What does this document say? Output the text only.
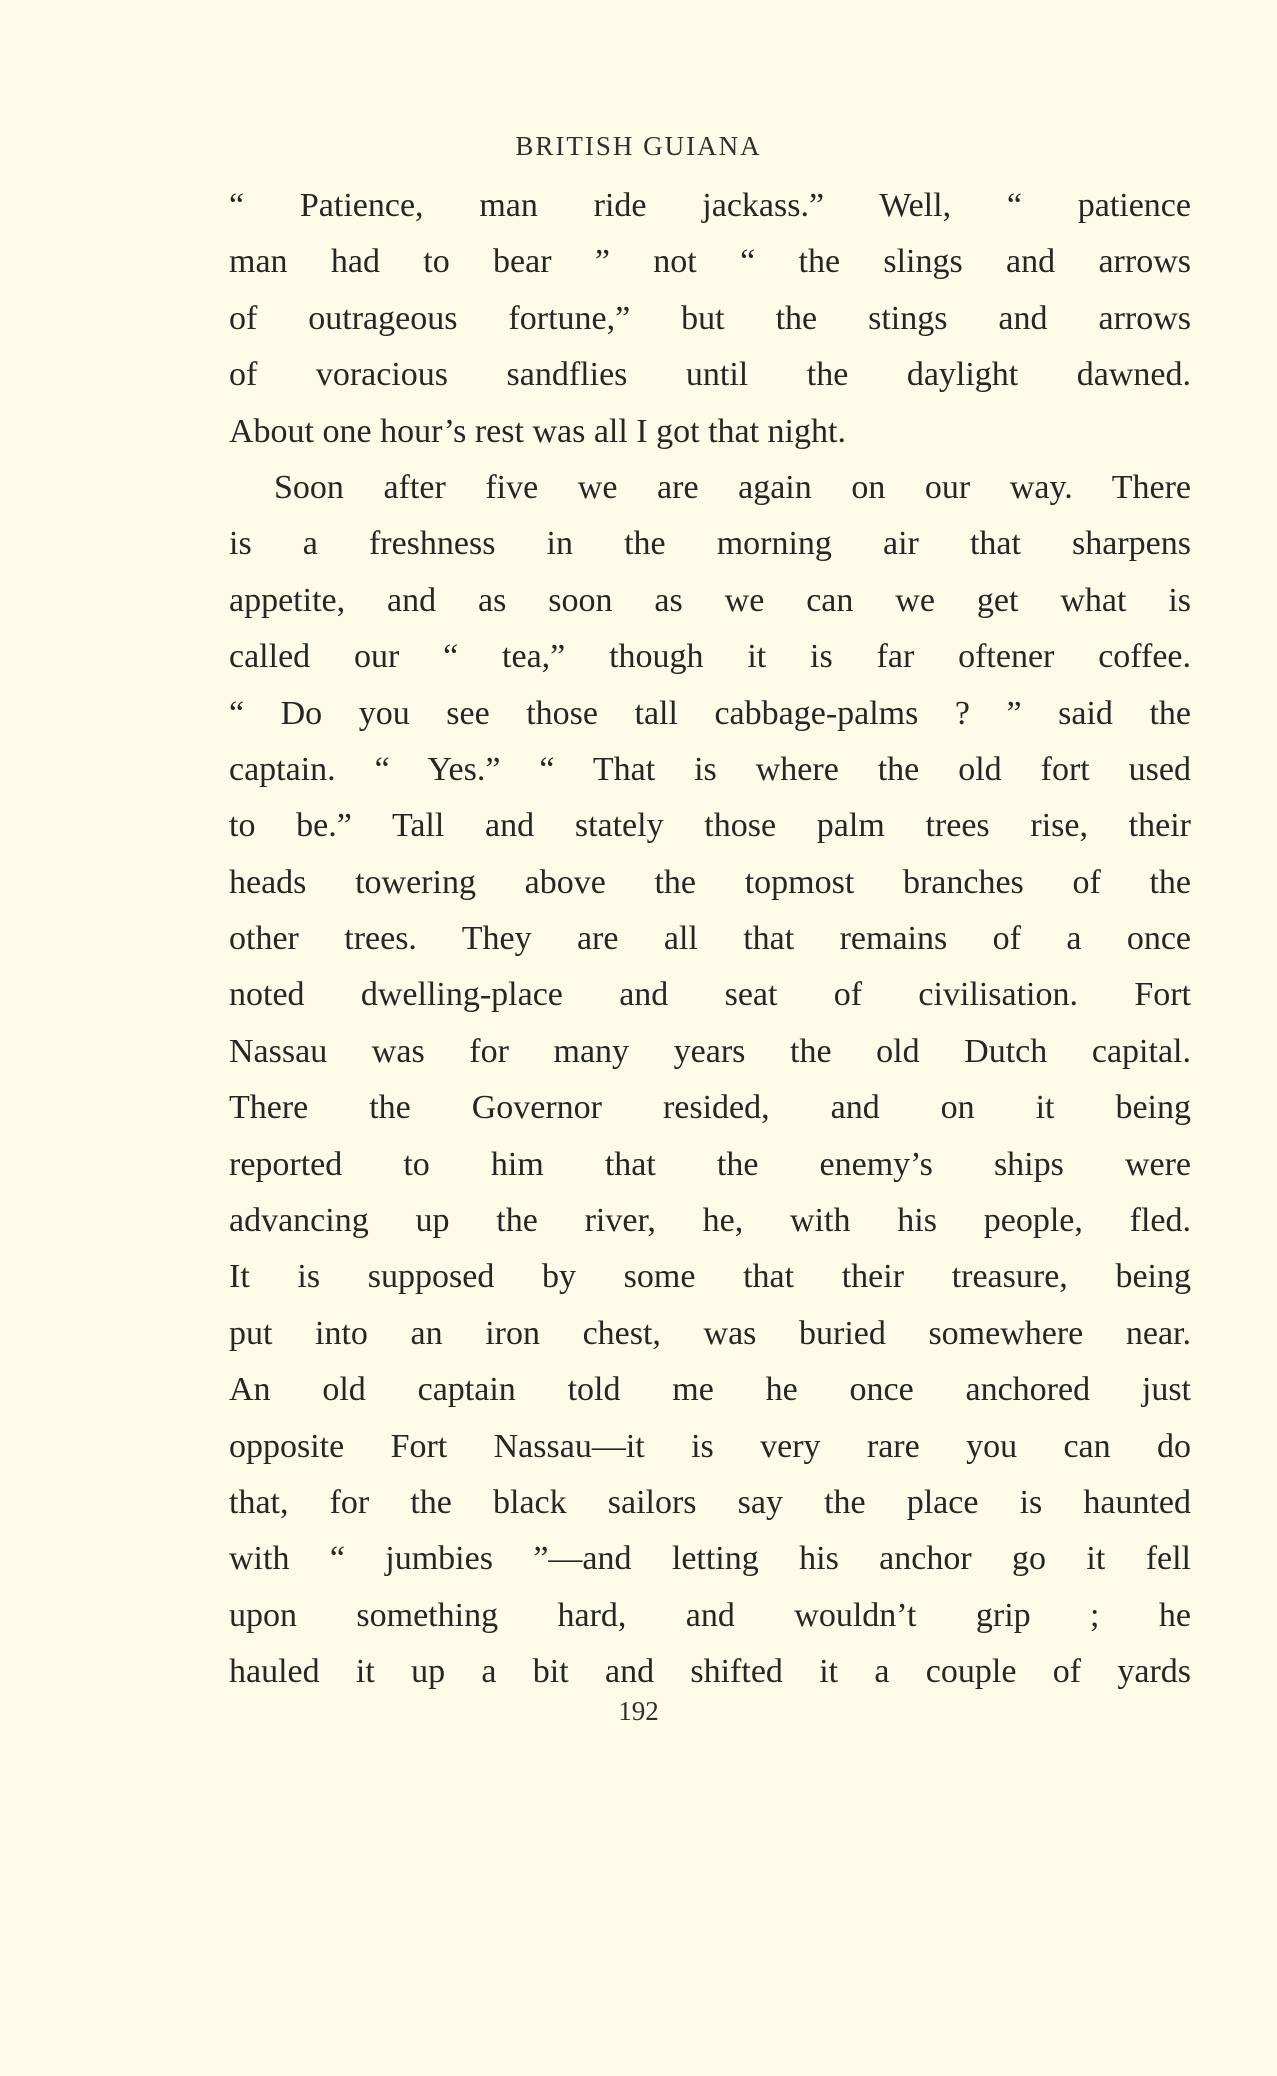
BRITISH GUIANA
“ Patience, man ride jackass.” Well, “ patience
man had to bear ” not “ the slings and arrows
of outrageous fortune,” but the stings and arrows
of voracious sandflies until the daylight dawned.
About one hour’s rest was all I got that night.
Soon after five we are again on our way. There
is a freshness in the morning air that sharpens
appetite, and as soon as we can we get what is
called our “ tea,” though it is far oftener coffee.
“ Do you see those tall cabbage-palms ? ” said the
captain. “ Yes.” “ That is where the old fort used
to be.” Tall and stately those palm trees rise, their
heads towering above the topmost branches of the
other trees. They are all that remains of a once
noted dwelling-place and seat of civilisation. Fort
Nassau was for many years the old Dutch capital.
There the Governor resided, and on it being
reported to him that the enemy’s ships were
advancing up the river, he, with his people, fled.
It is supposed by some that their treasure, being
put into an iron chest, was buried somewhere near.
An old captain told me he once anchored just
opposite Fort Nassau—it is very rare you can do
that, for the black sailors say the place is haunted
with “ jumbies ”—and letting his anchor go it fell
upon something hard, and wouldn’t grip ; he
hauled it up a bit and shifted it a couple of yards
192
